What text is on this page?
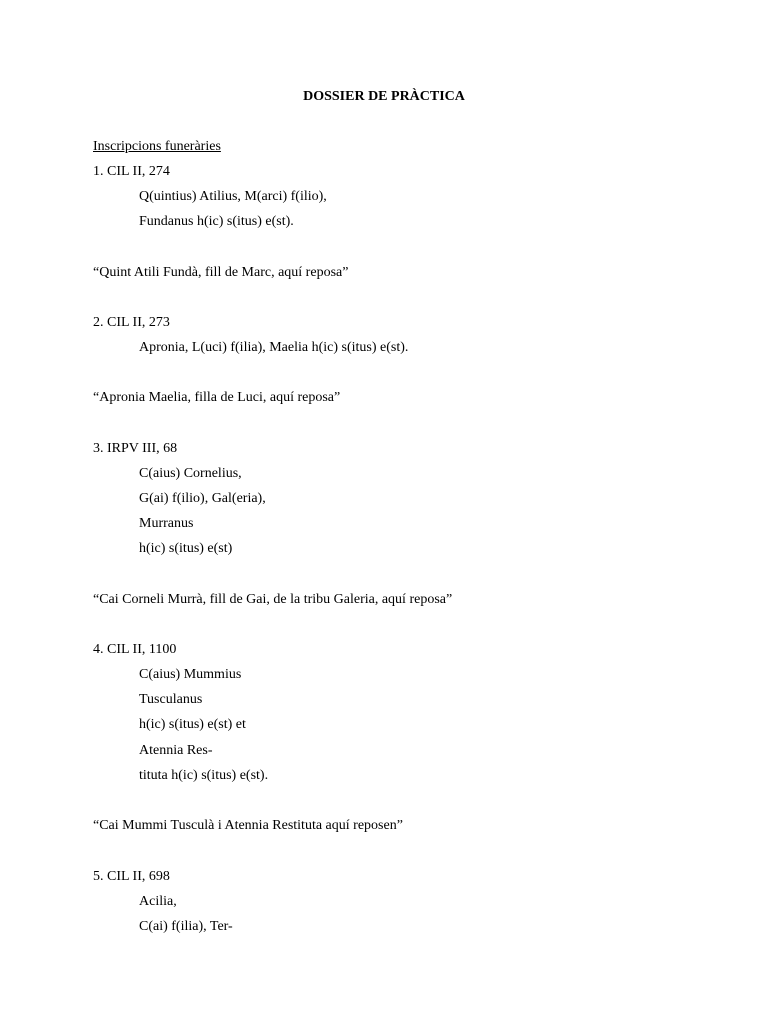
DOSSIER DE PRÀCTICA
Inscripcions funeràries
1. CIL II, 274
Q(uintius) Atilius, M(arci) f(ilio),
Fundanus h(ic) s(itus) e(st).
“Quint Atili Fundà, fill de Marc, aquí reposa”
2. CIL II, 273
Apronia, L(uci) f(ilia), Maelia h(ic) s(itus) e(st).
“Apronia Maelia, filla de Luci, aquí reposa”
3. IRPV III, 68
C(aius) Cornelius,
G(ai) f(ilio), Gal(eria),
Murranus
h(ic) s(itus) e(st)
“Cai Corneli Murrà, fill de Gai, de la tribu Galeria, aquí reposa”
4. CIL II, 1100
C(aius) Mummius
Tusculanus
h(ic) s(itus) e(st) et
Atennia Res-
tituta h(ic) s(itus) e(st).
“Cai Mummi Tusculà i Atennia Restituta aquí reposen”
5. CIL II, 698
Acilia,
C(ai) f(ilia), Ter-
